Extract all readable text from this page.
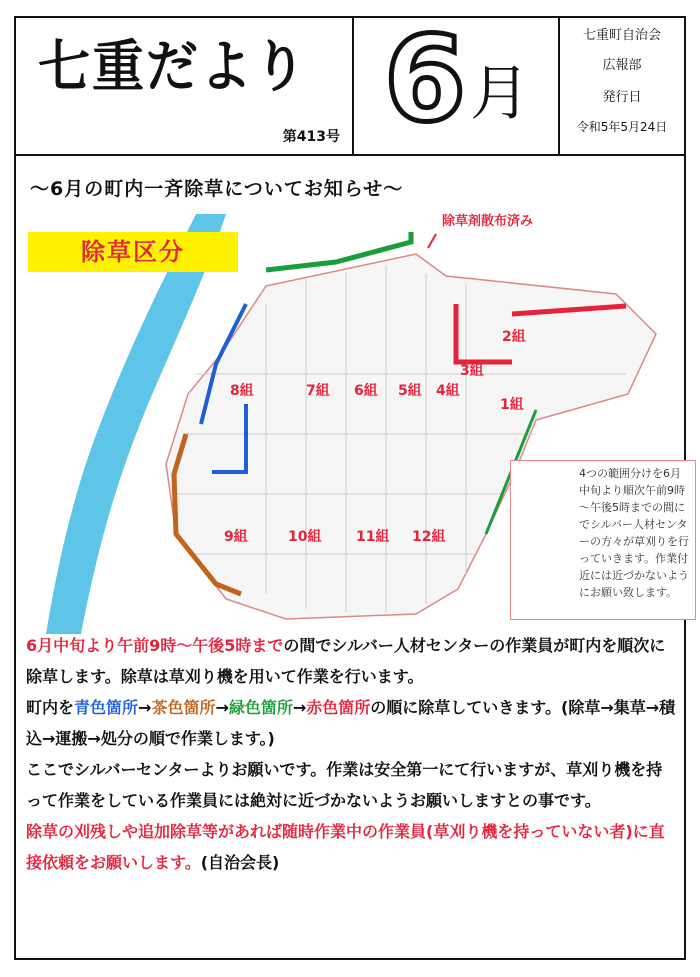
七重だより
第413号 6 月
七重町自治会
広報部
発行日
令和5年5月24日
～6月の町内一斉除草についてお知らせ～
除草区分
除草剤散布済み
8組	7組 6組 5組 4組
2組
3組
1組
9組	10組 11組 12組
4つの範囲分けを6月中旬より順次午前9時～午後5時までの間にでシルバー人材センターの方々が草刈りを行っていきます。作業付近には近づかないようにお願い致します。

6月中旬より午前9時～午後5時までの間でシルバー人材センターの作業員が町内を順次に除草します。除草は草刈り機を用いて作業を行います。

町内を青色箇所→茶色箇所→緑色箇所→赤色箇所の順に除草していきます。(除草→集草→積込→運搬→処分の順で作業します。)

ここでシルバーセンターよりお願いです。作業は安全第一にて行いますが、草刈り機を持って作業をしている作業員には絶対に近づかないようお願いしますとの事です。

除草の刈残しや追加除草等があれば随時作業中の作業員(草刈り機を持っていない者)に直接依頼をお願いします。(自治会長)
